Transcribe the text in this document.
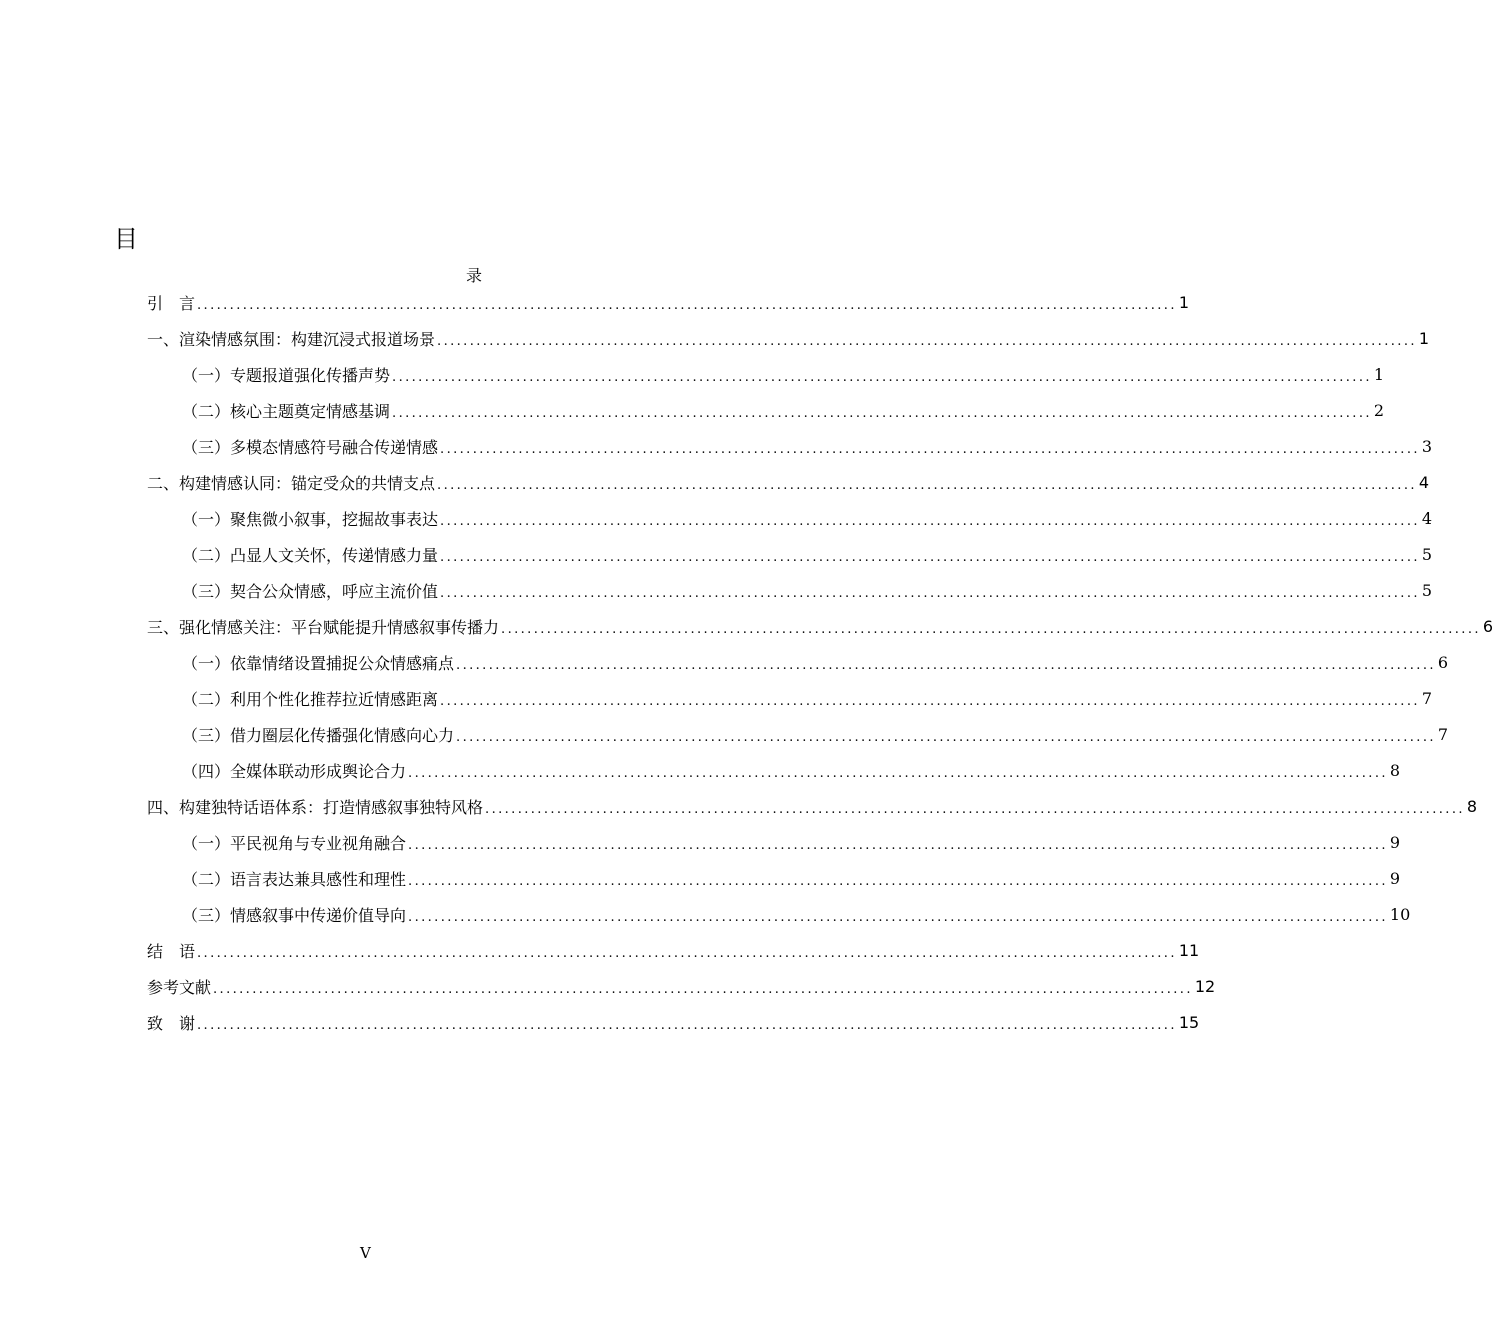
目
录
引　言 ...................................................................................................................................................... 1
一、 渲染情感氛围：构建沉浸式报道场景 ...................................................................................................................................................... 1
（一） 专题报道强化传播声势 ...................................................................................................................................................... 1
（二） 核心主题奠定情感基调 ...................................................................................................................................................... 2
（三） 多模态情感符号融合传递情感 ...................................................................................................................................................... 3
二、 构建情感认同：锚定受众的共情支点 ...................................................................................................................................................... 4
（一） 聚焦微小叙事，挖掘故事表达 ...................................................................................................................................................... 4
（二） 凸显人文关怀，传递情感力量 ...................................................................................................................................................... 5
（三） 契合公众情感，呼应主流价值 ...................................................................................................................................................... 5
三、 强化情感关注：平台赋能提升情感叙事传播力 ...................................................................................................................................................... 6
（一） 依靠情绪设置捕捉公众情感痛点 ...................................................................................................................................................... 6
（二） 利用个性化推荐拉近情感距离 ...................................................................................................................................................... 7
（三） 借力圈层化传播强化情感向心力 ...................................................................................................................................................... 7
（四） 全媒体联动形成舆论合力 ...................................................................................................................................................... 8
四、 构建独特话语体系：打造情感叙事独特风格 ...................................................................................................................................................... 8
（一） 平民视角与专业视角融合 ...................................................................................................................................................... 9
（二） 语言表达兼具感性和理性 ...................................................................................................................................................... 9
（三） 情感叙事中传递价值导向 ...................................................................................................................................................... 10
结　语 ...................................................................................................................................................... 11
参考文献 ...................................................................................................................................................... 12
致　谢 ...................................................................................................................................................... 15
V
